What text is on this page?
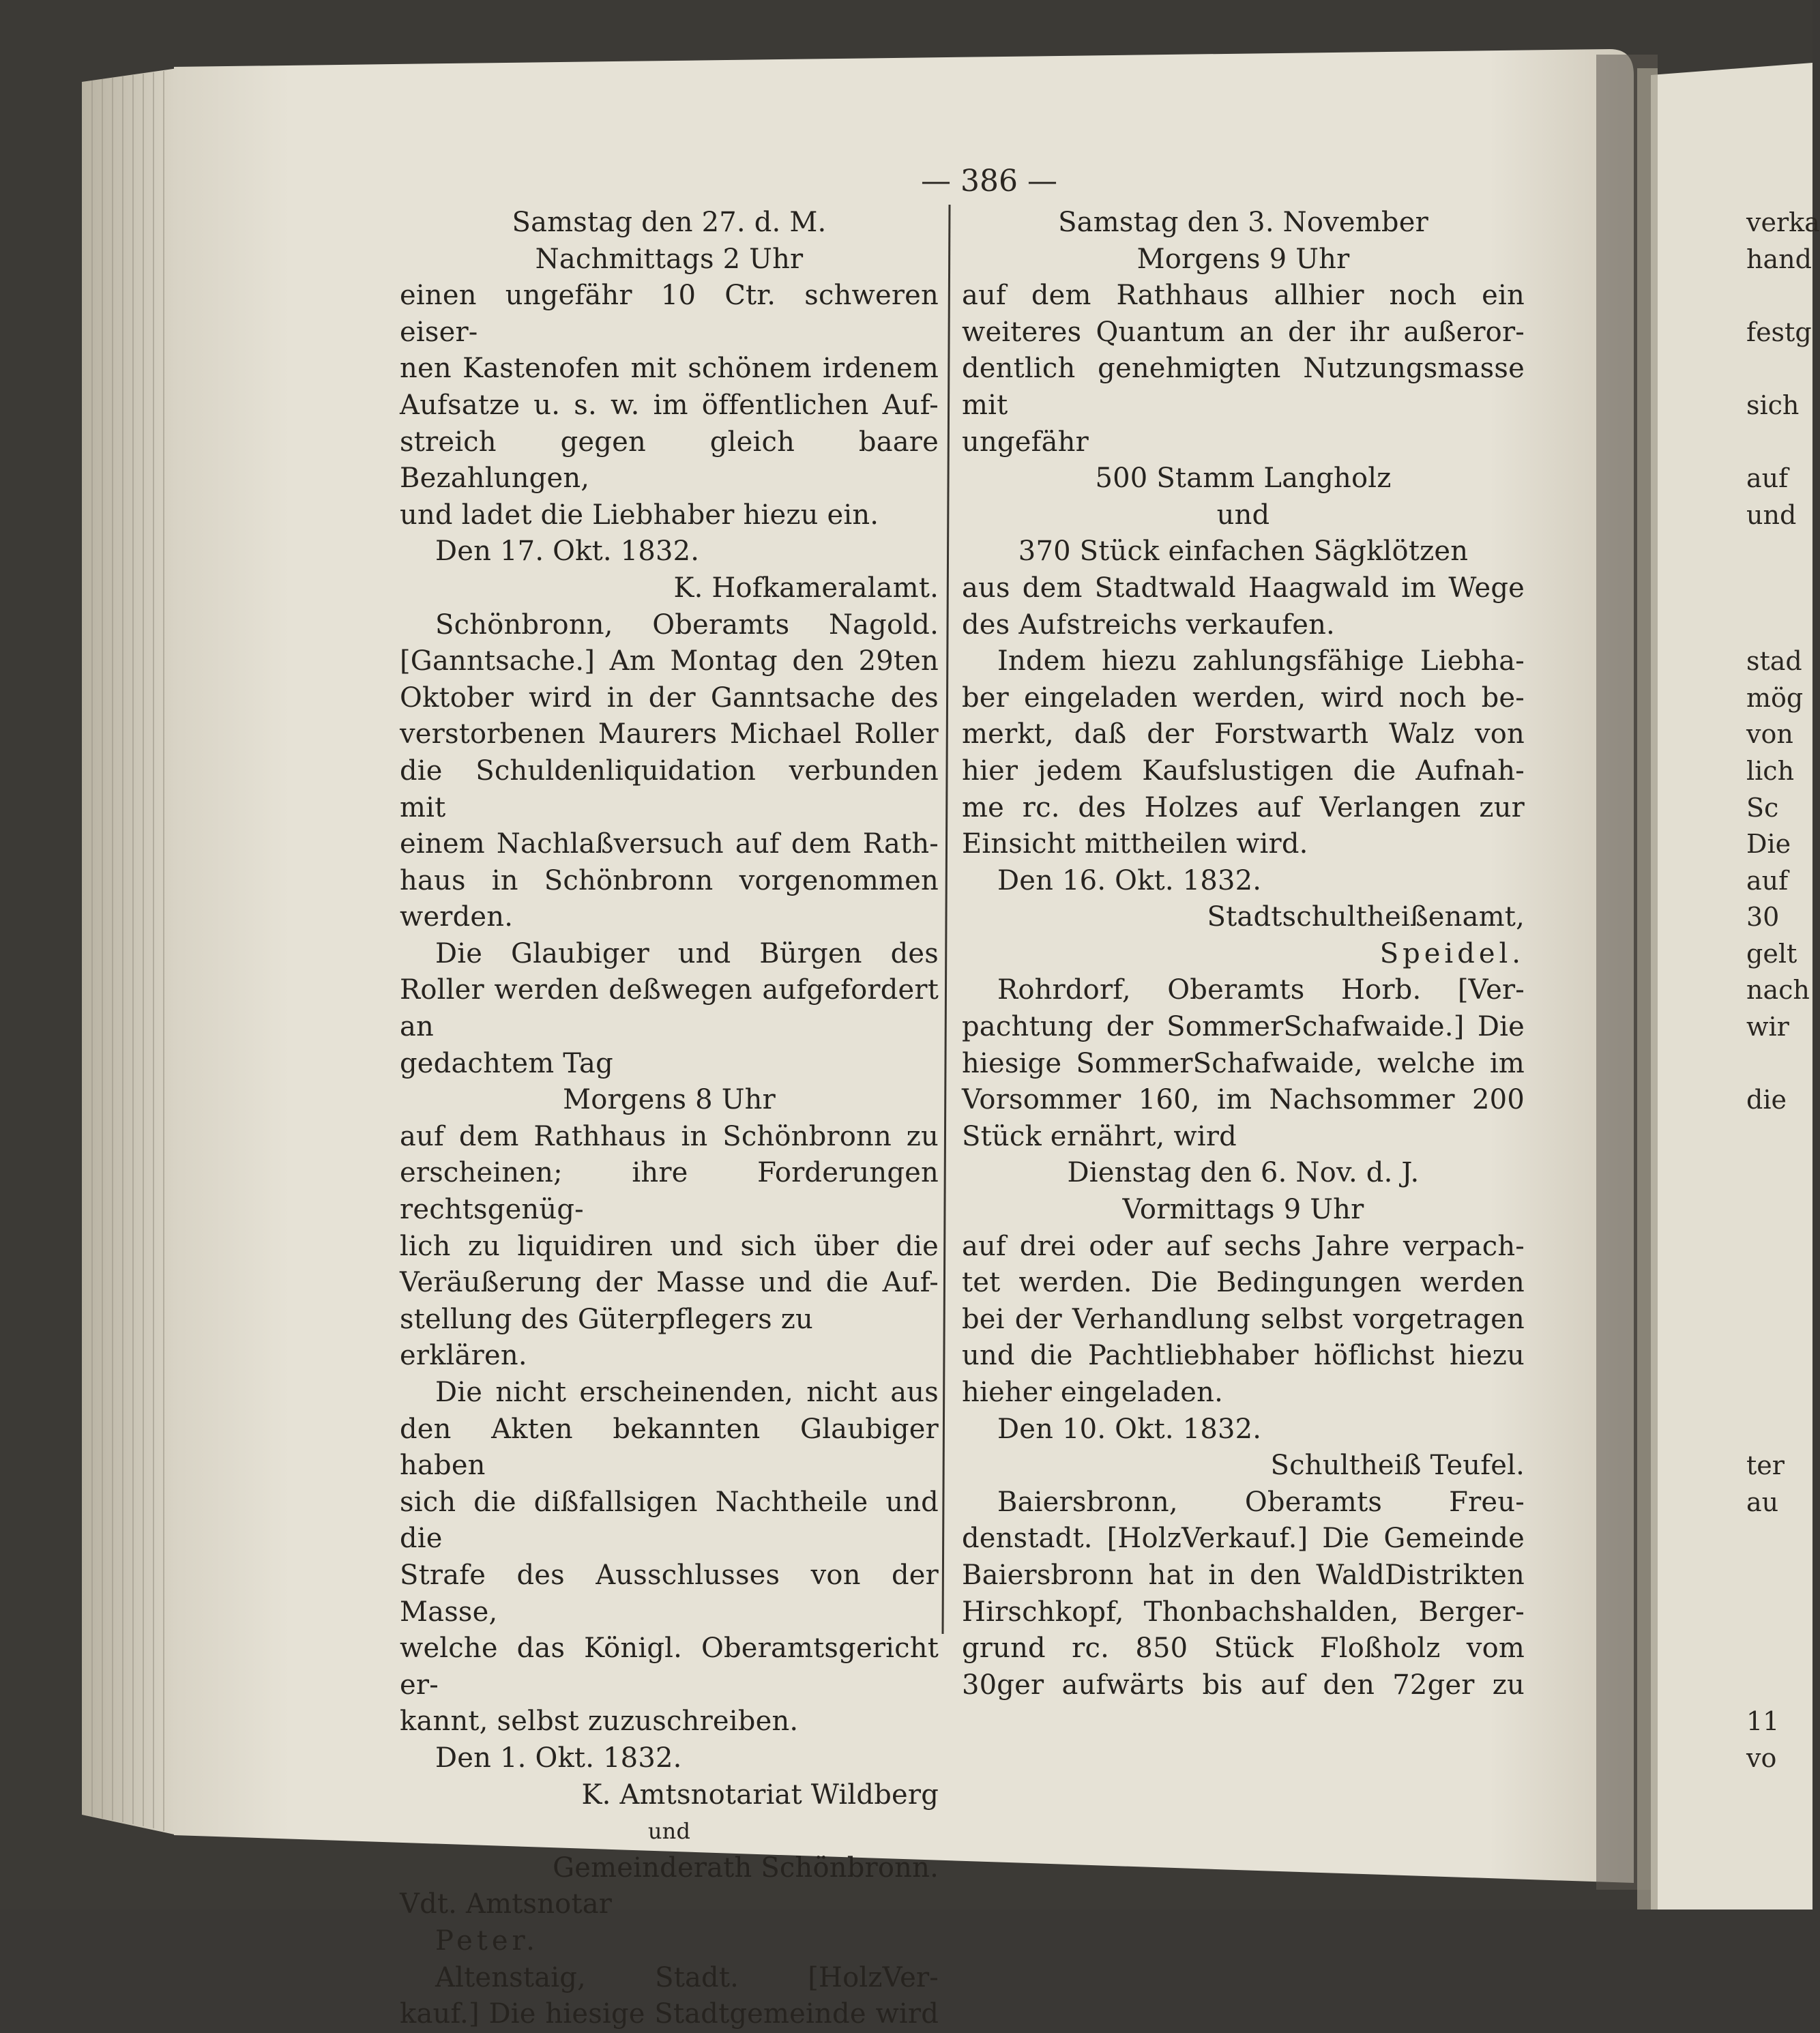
— 386 —

Samstag den 27. d. M.

Nachmittags 2 Uhr

einen ungefähr 10 Ctr. schweren eiser-

nen Kastenofen mit schönem irdenem

Aufsatze u. s. w. im öffentlichen Auf-

streich gegen gleich baare Bezahlungen,

und ladet die Liebhaber hiezu ein.

Den 17. Okt. 1832.

K. Hofkameralamt.

Schönbronn, Oberamts Nagold.

[Ganntsache.] Am Montag den 29ten

Oktober wird in der Ganntsache des

verstorbenen Maurers Michael Roller

die Schuldenliquidation verbunden mit

einem Nachlaßversuch auf dem Rath-

haus in Schönbronn vorgenommen

werden.

Die Glaubiger und Bürgen des

Roller werden deßwegen aufgefordert an

gedachtem Tag

Morgens 8 Uhr

auf dem Rathhaus in Schönbronn zu

erscheinen; ihre Forderungen rechtsgenüg-

lich zu liquidiren und sich über die

Veräußerung der Masse und die Auf-

stellung des Güterpflegers zu erklären.

Die nicht erscheinenden, nicht aus

den Akten bekannten Glaubiger haben

sich die dißfallsigen Nachtheile und die

Strafe des Ausschlusses von der Masse,

welche das Königl. Oberamtsgericht er-

kannt, selbst zuzuschreiben.

Den 1. Okt. 1832.

K. Amtsnotariat Wildberg

und

Gemeinderath Schönbronn.

Vdt. Amtsnotar

Peter.

Altenstaig, Stadt. [HolzVer-

kauf.] Die hiesige Stadtgemeinde wird

Samstag den 3. November

Morgens 9 Uhr

auf dem Rathhaus allhier noch ein

weiteres Quantum an der ihr außeror-

dentlich genehmigten Nutzungsmasse mit

ungefähr

500 Stamm Langholz

und

370 Stück einfachen Sägklötzen

aus dem Stadtwald Haagwald im Wege

des Aufstreichs verkaufen.

Indem hiezu zahlungsfähige Liebha-

ber eingeladen werden, wird noch be-

merkt, daß der Forstwarth Walz von

hier jedem Kaufslustigen die Aufnah-

me rc. des Holzes auf Verlangen zur

Einsicht mittheilen wird.

Den 16. Okt. 1832.

Stadtschultheißenamt,

Speidel.

Rohrdorf, Oberamts Horb. [Ver-

pachtung der SommerSchafwaide.] Die

hiesige SommerSchafwaide, welche im

Vorsommer 160, im Nachsommer 200

Stück ernährt, wird

Dienstag den 6. Nov. d. J.

Vormittags 9 Uhr

auf drei oder auf sechs Jahre verpach-

tet werden. Die Bedingungen werden

bei der Verhandlung selbst vorgetragen

und die Pachtliebhaber höflichst hiezu

hieher eingeladen.

Den 10. Okt. 1832.

Schultheiß Teufel.

Baiersbronn, Oberamts Freu-

denstadt. [HolzVerkauf.] Die Gemeinde

Baiersbronn hat in den WaldDistrikten

Hirschkopf, Thonbachshalden, Berger-

grund rc. 850 Stück Floßholz vom

30ger aufwärts bis auf den 72ger zu

verka

hand

festg

sich

auf

und

stad

mög

von

lich

Sc

Die

auf

30

gelt

nach

wir

die

ter

au

11

vo
